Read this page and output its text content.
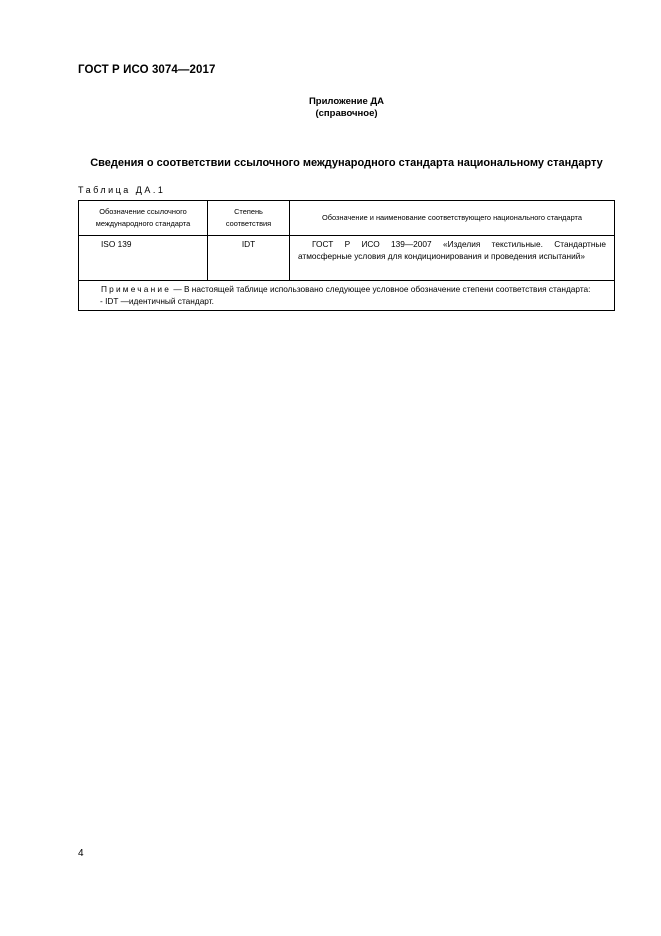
ГОСТ Р ИСО 3074—2017
Приложение ДА
(справочное)
Сведения о соответствии ссылочного международного стандарта национальному стандарту
Таблица ДА.1
Обозначение ссылочного международного стандарта	Степень соответствия	Обозначение и наименование соответствующего национального стандарта
ISO 139	IDT	ГОСТ Р ИСО 139—2007 «Изделия текстильные. Стандартные атмосферные условия для кондиционирования и проведения испытаний»

Примечание — В настоящей таблице использовано следующее условное обозначение степени соответствия стандарта:
- IDT —идентичный стандарт.		
4
